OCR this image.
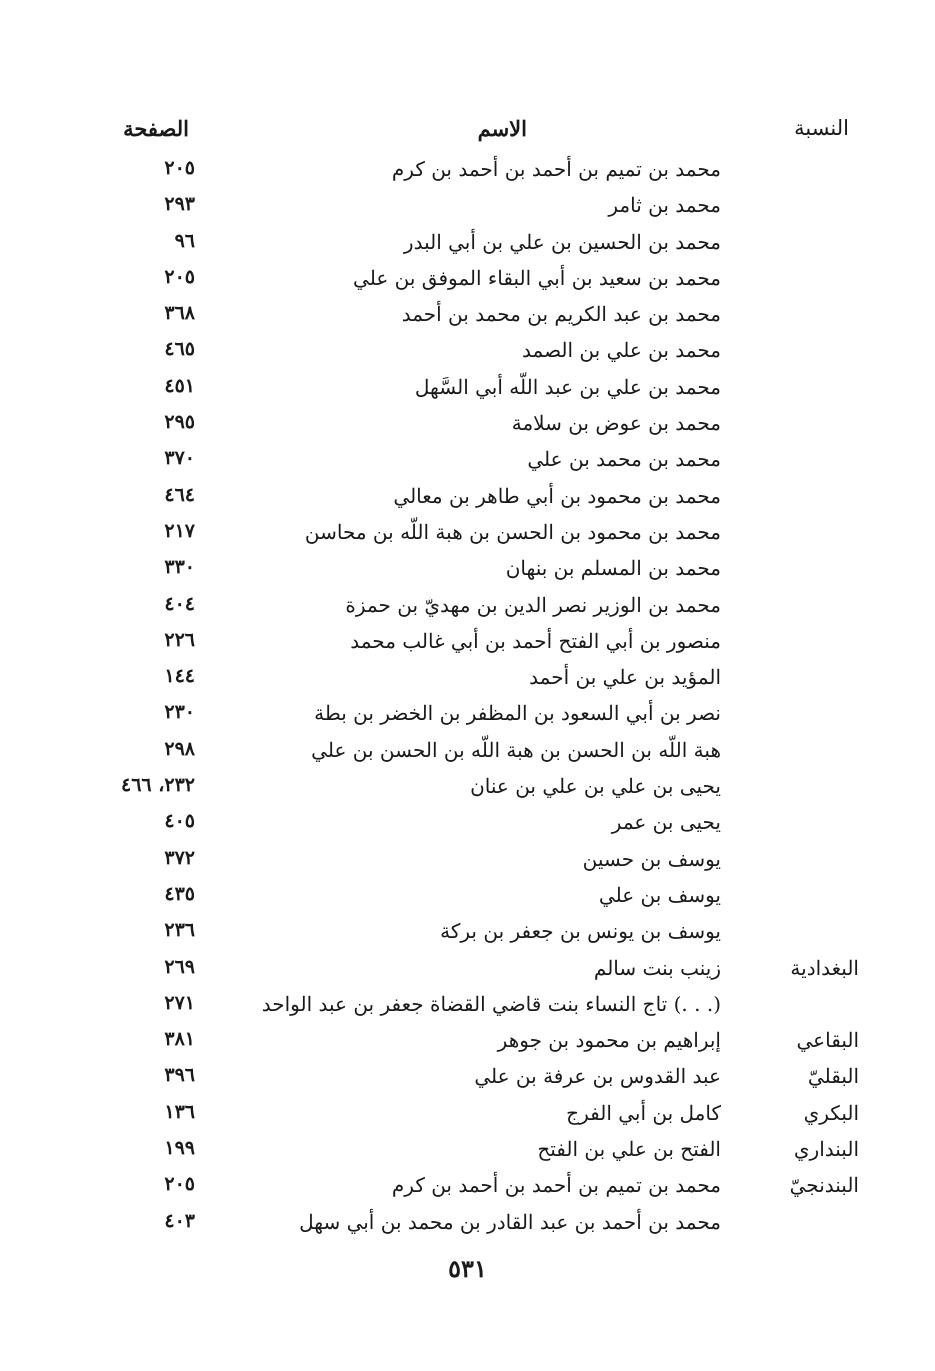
النسبة
الاسم
الصفحة
محمد بن تميم بن أحمد بن أحمد بن كرم
٢٠٥
محمد بن ثامر
٢٩٣
محمد بن الحسين بن علي بن أبي البدر
٩٦
محمد بن سعيد بن أبي البقاء الموفق بن علي
٢٠٥
محمد بن عبد الكريم بن محمد بن أحمد
٣٦٨
محمد بن علي بن الصمد
٤٦٥
محمد بن علي بن عبد اللّه أبي السَّهل
٤٥١
محمد بن عوض بن سلامة
٢٩٥
محمد بن محمد بن علي
٣٧٠
محمد بن محمود بن أبي طاهر بن معالي
٤٦٤
محمد بن محمود بن الحسن بن هبة اللّه بن محاسن
٢١٧
محمد بن المسلم بن بنهان
٣٣٠
محمد بن الوزير نصر الدين بن مهديّ بن حمزة
٤٠٤
منصور بن أبي الفتح أحمد بن أبي غالب محمد
٢٢٦
المؤيد بن علي بن أحمد
١٤٤
نصر بن أبي السعود بن المظفر بن الخضر بن بطة
٢٣٠
هبة اللّه بن الحسن بن هبة اللّه بن الحسن بن علي
٢٩٨
يحيى بن علي بن علي بن عنان
٢٣٢، ٤٦٦
يحيى بن عمر
٤٠٥
يوسف بن حسين
٣٧٢
يوسف بن علي
٤٣٥
يوسف بن يونس بن جعفر بن بركة
٢٣٦
البغدادية
زينب بنت سالم
٢٦٩
(. . .) تاج النساء بنت قاضي القضاة جعفر بن عبد الواحد
٢٧١
البقاعي
إبراهيم بن محمود بن جوهر
٣٨١
البقليّ
عبد القدوس بن عرفة بن علي
٣٩٦
البكري
كامل بن أبي الفرج
١٣٦
البنداري
الفتح بن علي بن الفتح
١٩٩
البندنجيّ
محمد بن تميم بن أحمد بن أحمد بن كرم
٢٠٥
محمد بن أحمد بن عبد القادر بن محمد بن أبي سهل
٤٠٣
٥٣١
